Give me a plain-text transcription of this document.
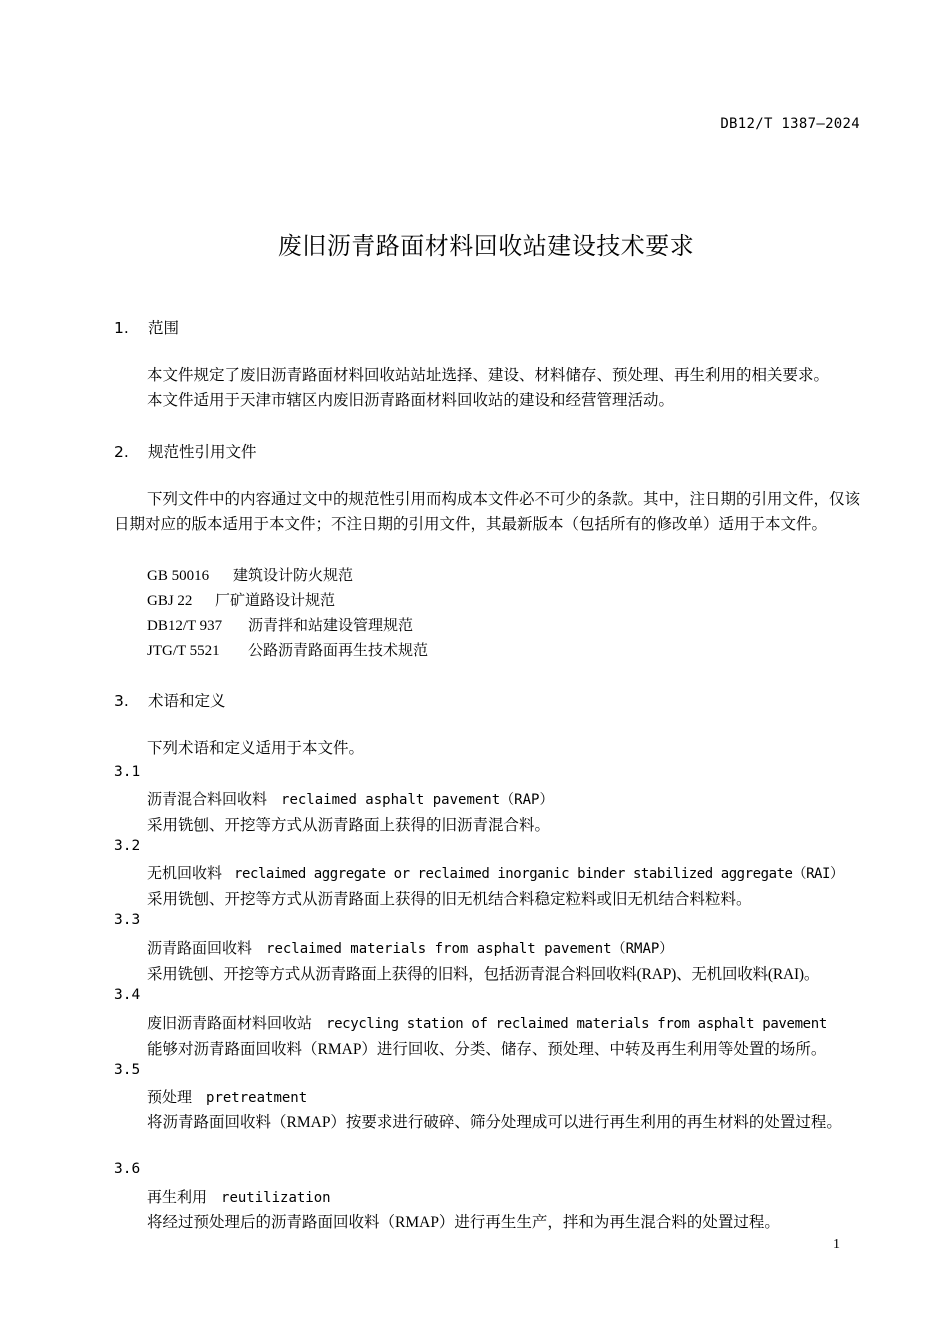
DB12/T 1387—2024
废旧沥青路面材料回收站建设技术要求
1. 范围
本文件规定了废旧沥青路面材料回收站站址选择、建设、材料储存、预处理、再生利用的相关要求。
本文件适用于天津市辖区内废旧沥青路面材料回收站的建设和经营管理活动。
2. 规范性引用文件
下列文件中的内容通过文中的规范性引用而构成本文件必不可少的条款。其中，注日期的引用文件，仅该日期对应的版本适用于本文件；不注日期的引用文件，其最新版本（包括所有的修改单）适用于本文件。
GB 50016 建筑设计防火规范
GBJ 22 厂矿道路设计规范
DB12/T 937 沥青拌和站建设管理规范
JTG/T 5521 公路沥青路面再生技术规范
3. 术语和定义
下列术语和定义适用于本文件。
3.1
沥青混合料回收料 reclaimed asphalt pavement（RAP）
采用铣刨、开挖等方式从沥青路面上获得的旧沥青混合料。
3.2
无机回收料 reclaimed aggregate or reclaimed inorganic binder stabilized aggregate（RAI）
采用铣刨、开挖等方式从沥青路面上获得的旧无机结合料稳定粒料或旧无机结合料粒料。
3.3
沥青路面回收料 reclaimed materials from asphalt pavement（RMAP）
采用铣刨、开挖等方式从沥青路面上获得的旧料，包括沥青混合料回收料(RAP)、无机回收料(RAI)。
3.4
废旧沥青路面材料回收站 recycling station of reclaimed materials from asphalt pavement
能够对沥青路面回收料（RMAP）进行回收、分类、储存、预处理、中转及再生利用等处置的场所。
3.5
预处理 pretreatment
将沥青路面回收料（RMAP）按要求进行破碎、筛分处理成可以进行再生利用的再生材料的处置过程。
3.6
再生利用 reutilization
将经过预处理后的沥青路面回收料（RMAP）进行再生生产，拌和为再生混合料的处置过程。
1
